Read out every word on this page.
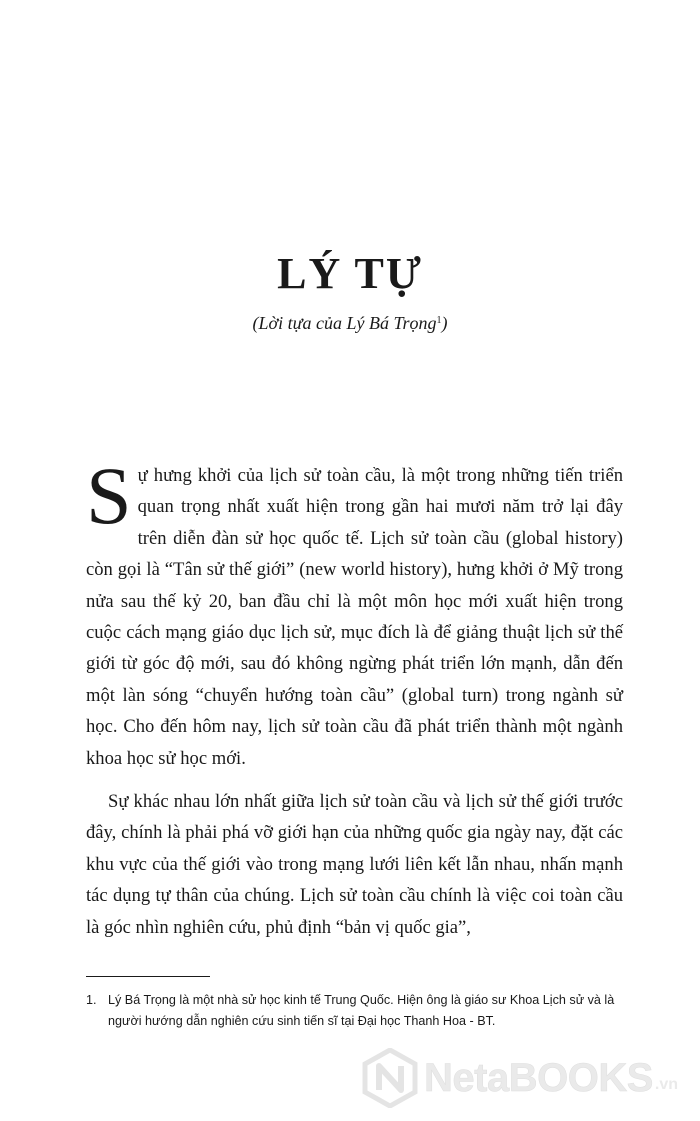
LÝ TỰ
(Lời tựa của Lý Bá Trọng$^1$)

Sự hưng khởi của lịch sử toàn cầu, là một trong những tiến triển quan trọng nhất xuất hiện trong gần hai mươi năm trở lại đây trên diễn đàn sử học quốc tế. Lịch sử toàn cầu (global history) còn gọi là “Tân sử thế giới” (new world history), hưng khởi ở Mỹ trong nửa sau thế kỷ 20, ban đầu chỉ là một môn học mới xuất hiện trong cuộc cách mạng giáo dục lịch sử, mục đích là để giảng thuật lịch sử thế giới từ góc độ mới, sau đó không ngừng phát triển lớn mạnh, dẫn đến một làn sóng “chuyển hướng toàn cầu” (global turn) trong ngành sử học. Cho đến hôm nay, lịch sử toàn cầu đã phát triển thành một ngành khoa học sử học mới.

Sự khác nhau lớn nhất giữa lịch sử toàn cầu và lịch sử thế giới trước đây, chính là phải phá vỡ giới hạn của những quốc gia ngày nay, đặt các khu vực của thế giới vào trong mạng lưới liên kết lẫn nhau, nhấn mạnh tác dụng tự thân của chúng. Lịch sử toàn cầu chính là việc coi toàn cầu là góc nhìn nghiên cứu, phủ định “bản vị quốc gia”,

1. Lý Bá Trọng là một nhà sử học kinh tế Trung Quốc. Hiện ông là giáo sư Khoa Lịch sử và là người hướng dẫn nghiên cứu sinh tiến sĩ tại Đại học Thanh Hoa - BT.
NetaBOOKS .vn
